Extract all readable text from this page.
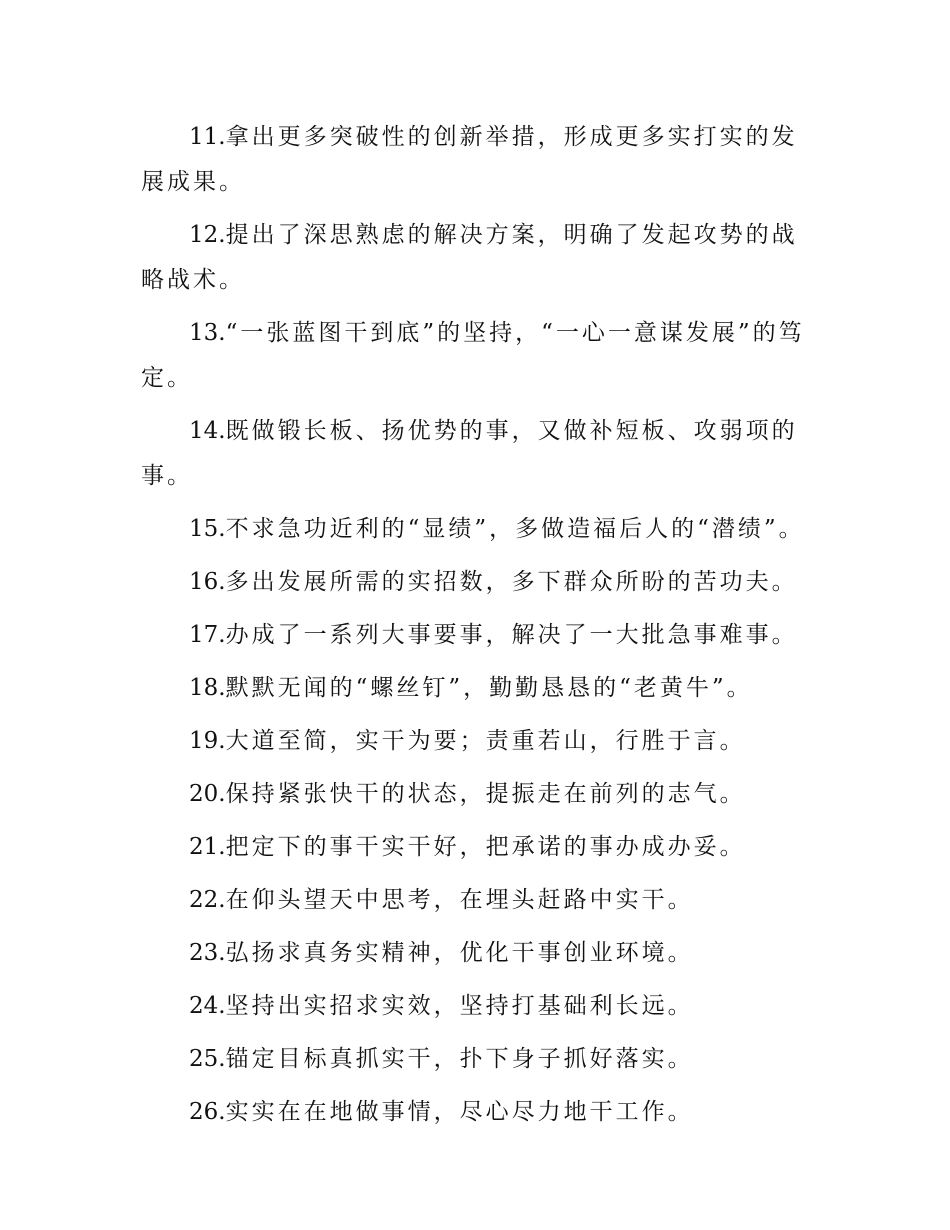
11.拿出更多突破性的创新举措，形成更多实打实的发展成果。

12.提出了深思熟虑的解决方案，明确了发起攻势的战略战术。

13.“一张蓝图干到底”的坚持，“一心一意谋发展”的笃定。

14.既做锻长板、扬优势的事，又做补短板、攻弱项的事。

15.不求急功近利的“显绩”，多做造福后人的“潜绩”。

16.多出发展所需的实招数，多下群众所盼的苦功夫。

17.办成了一系列大事要事，解决了一大批急事难事。

18.默默无闻的“螺丝钉”，勤勤恳恳的“老黄牛”。

19.大道至简，实干为要；责重若山，行胜于言。

20.保持紧张快干的状态，提振走在前列的志气。

21.把定下的事干实干好，把承诺的事办成办妥。

22.在仰头望天中思考，在埋头赶路中实干。

23.弘扬求真务实精神，优化干事创业环境。

24.坚持出实招求实效，坚持打基础利长远。

25.锚定目标真抓实干，扑下身子抓好落实。

26.实实在在地做事情，尽心尽力地干工作。
